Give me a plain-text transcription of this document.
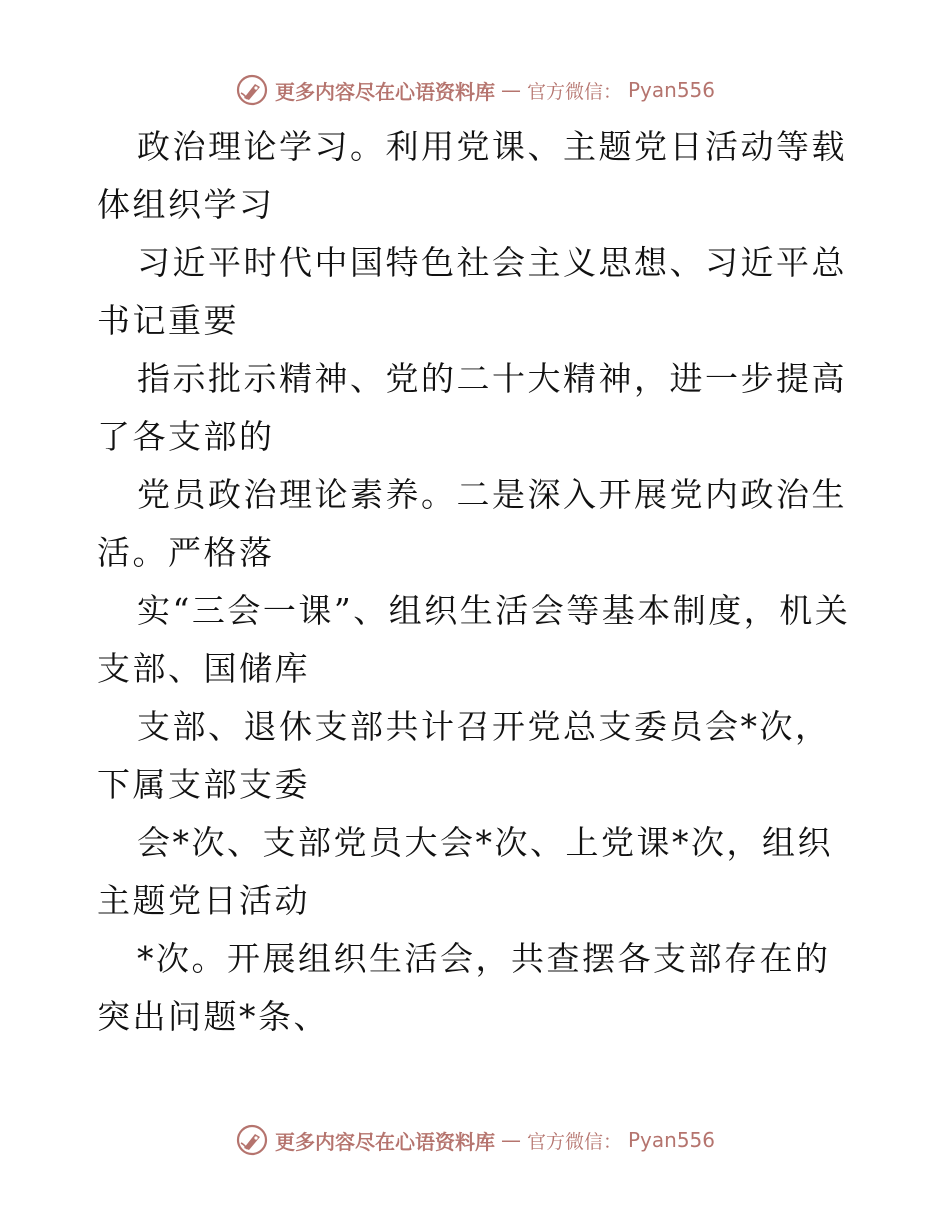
更多内容尽在心语资料库 — 官方微信： Pyan556

政治理论学习。利用党课、主题党日活动等载体组织学习

习近平时代中国特色社会主义思想、习近平总书记重要

指示批示精神、党的二十大精神，进一步提高了各支部的

党员政治理论素养。二是深入开展党内政治生活。严格落

实“三会一课”、组织生活会等基本制度，机关支部、国储库

支部、退休支部共计召开党总支委员会*次，下属支部支委

会*次、支部党员大会*次、上党课*次，组织主题党日活动

*次。开展组织生活会，共查摆各支部存在的突出问题*条、

更多内容尽在心语资料库 — 官方微信： Pyan556
